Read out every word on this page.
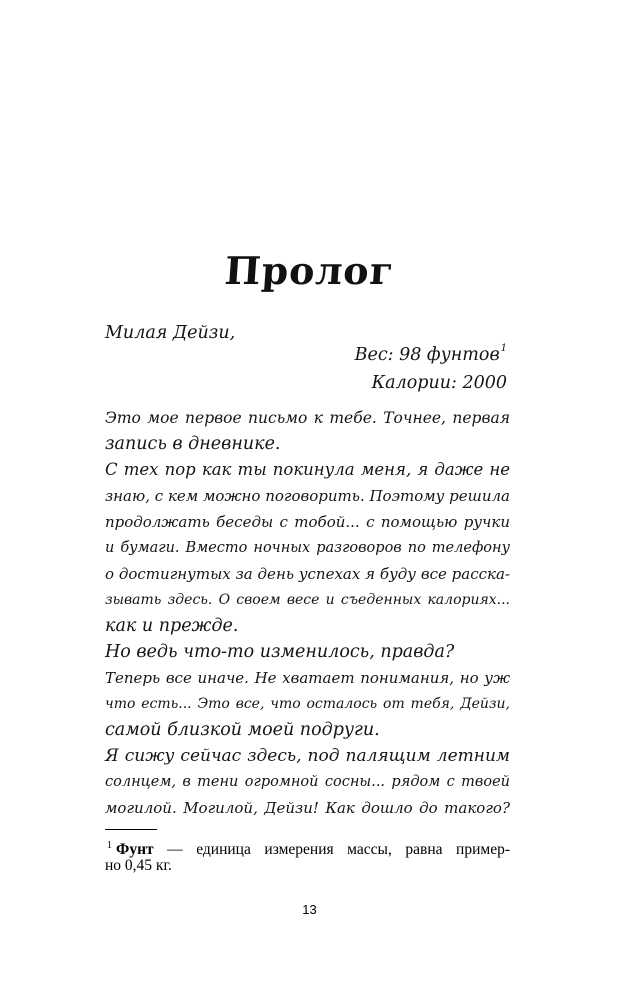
Пролог
Милая Дейзи,
Вес: 98 фунтов$^1$
Калории: 2000
Это мое первое письмо к тебе. Точнее, первая
запись в дневнике.
С тех пор как ты покинула меня, я даже не
знаю, с кем можно поговорить. Поэтому решила
продолжать беседы с тобой... с помощью ручки
и бумаги. Вместо ночных разговоров по телефону
о достигнутых за день успехах я буду все расска-
зывать здесь. О своем весе и съеденных калориях...
как и прежде.
Но ведь что-то изменилось, правда?
Теперь все иначе. Не хватает понимания, но уж
что есть... Это все, что осталось от тебя, Дейзи,
самой близкой моей подруги.
Я сижу сейчас здесь, под палящим летним
солнцем, в тени огромной сосны... рядом с твоей
могилой. Могилой, Дейзи! Как дошло до такого?
$^1$ Фунт — единица измерения массы, равна пример-
но 0,45 кг.
13
